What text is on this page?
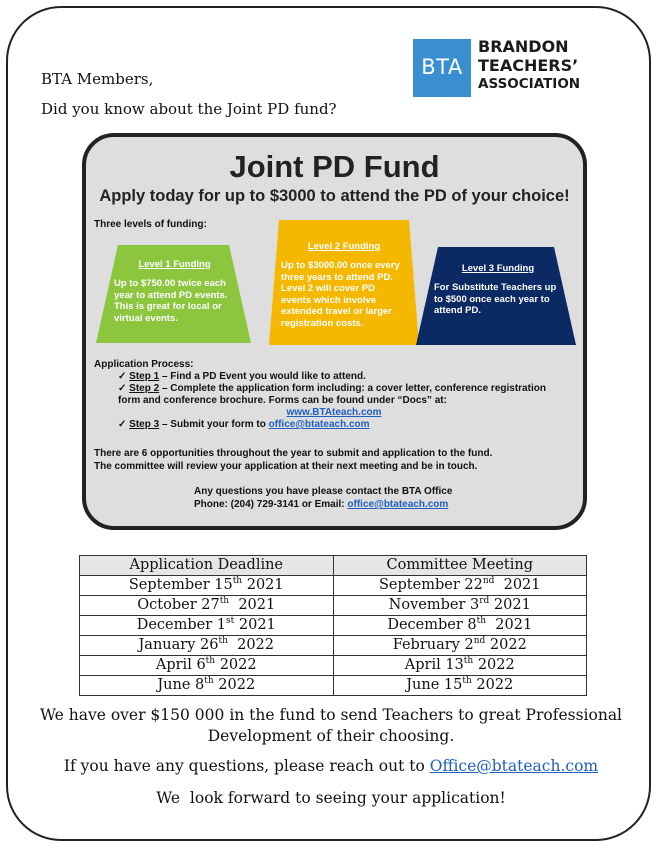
BTA Members,
Did you know about the Joint PD fund?
BTA
BRANDON
TEACHERS’
ASSOCIATION
Joint PD Fund
Apply today for up to $3000 to attend the PD of your choice!
Three levels of funding:
Level 1 Funding
Up to $750.00 twice each year to attend PD events. This is great for local or virtual events.
Level 2 Funding
Up to $3000.00 once every three years to attend PD. Level 2 will cover PD events which involve extended travel or larger registration costs.
Level 3 Funding
For Substitute Teachers up to $500 once each year to attend PD.
Application Process:
✓ Step 1 – Find a PD Event you would like to attend.
✓ Step 2 – Complete the application form including: a cover letter, conference registration form and conference brochure. Forms can be found under “Docs” at:
www.BTAteach.com
✓ Step 3 – Submit your form to office@btateach.com
There are 6 opportunities throughout the year to submit and application to the fund.
The committee will review your application at their next meeting and be in touch.
Any questions you have please contact the BTA Office
Phone: (204) 729-3141 or Email: office@btateach.com
Application Deadline	Committee Meeting
September 15th 2021	September 22nd  2021
October 27th  2021	November 3rd 2021
December 1st 2021	December 8th  2021
January 26th  2022	February 2nd 2022
April 6th 2022	April 13th 2022
June 8th 2022	June 15th 2022
We have over $150 000 in the fund to send Teachers to great Professional
Development of their choosing.
If you have any questions, please reach out to Office@btateach.com
We  look forward to seeing your application!
